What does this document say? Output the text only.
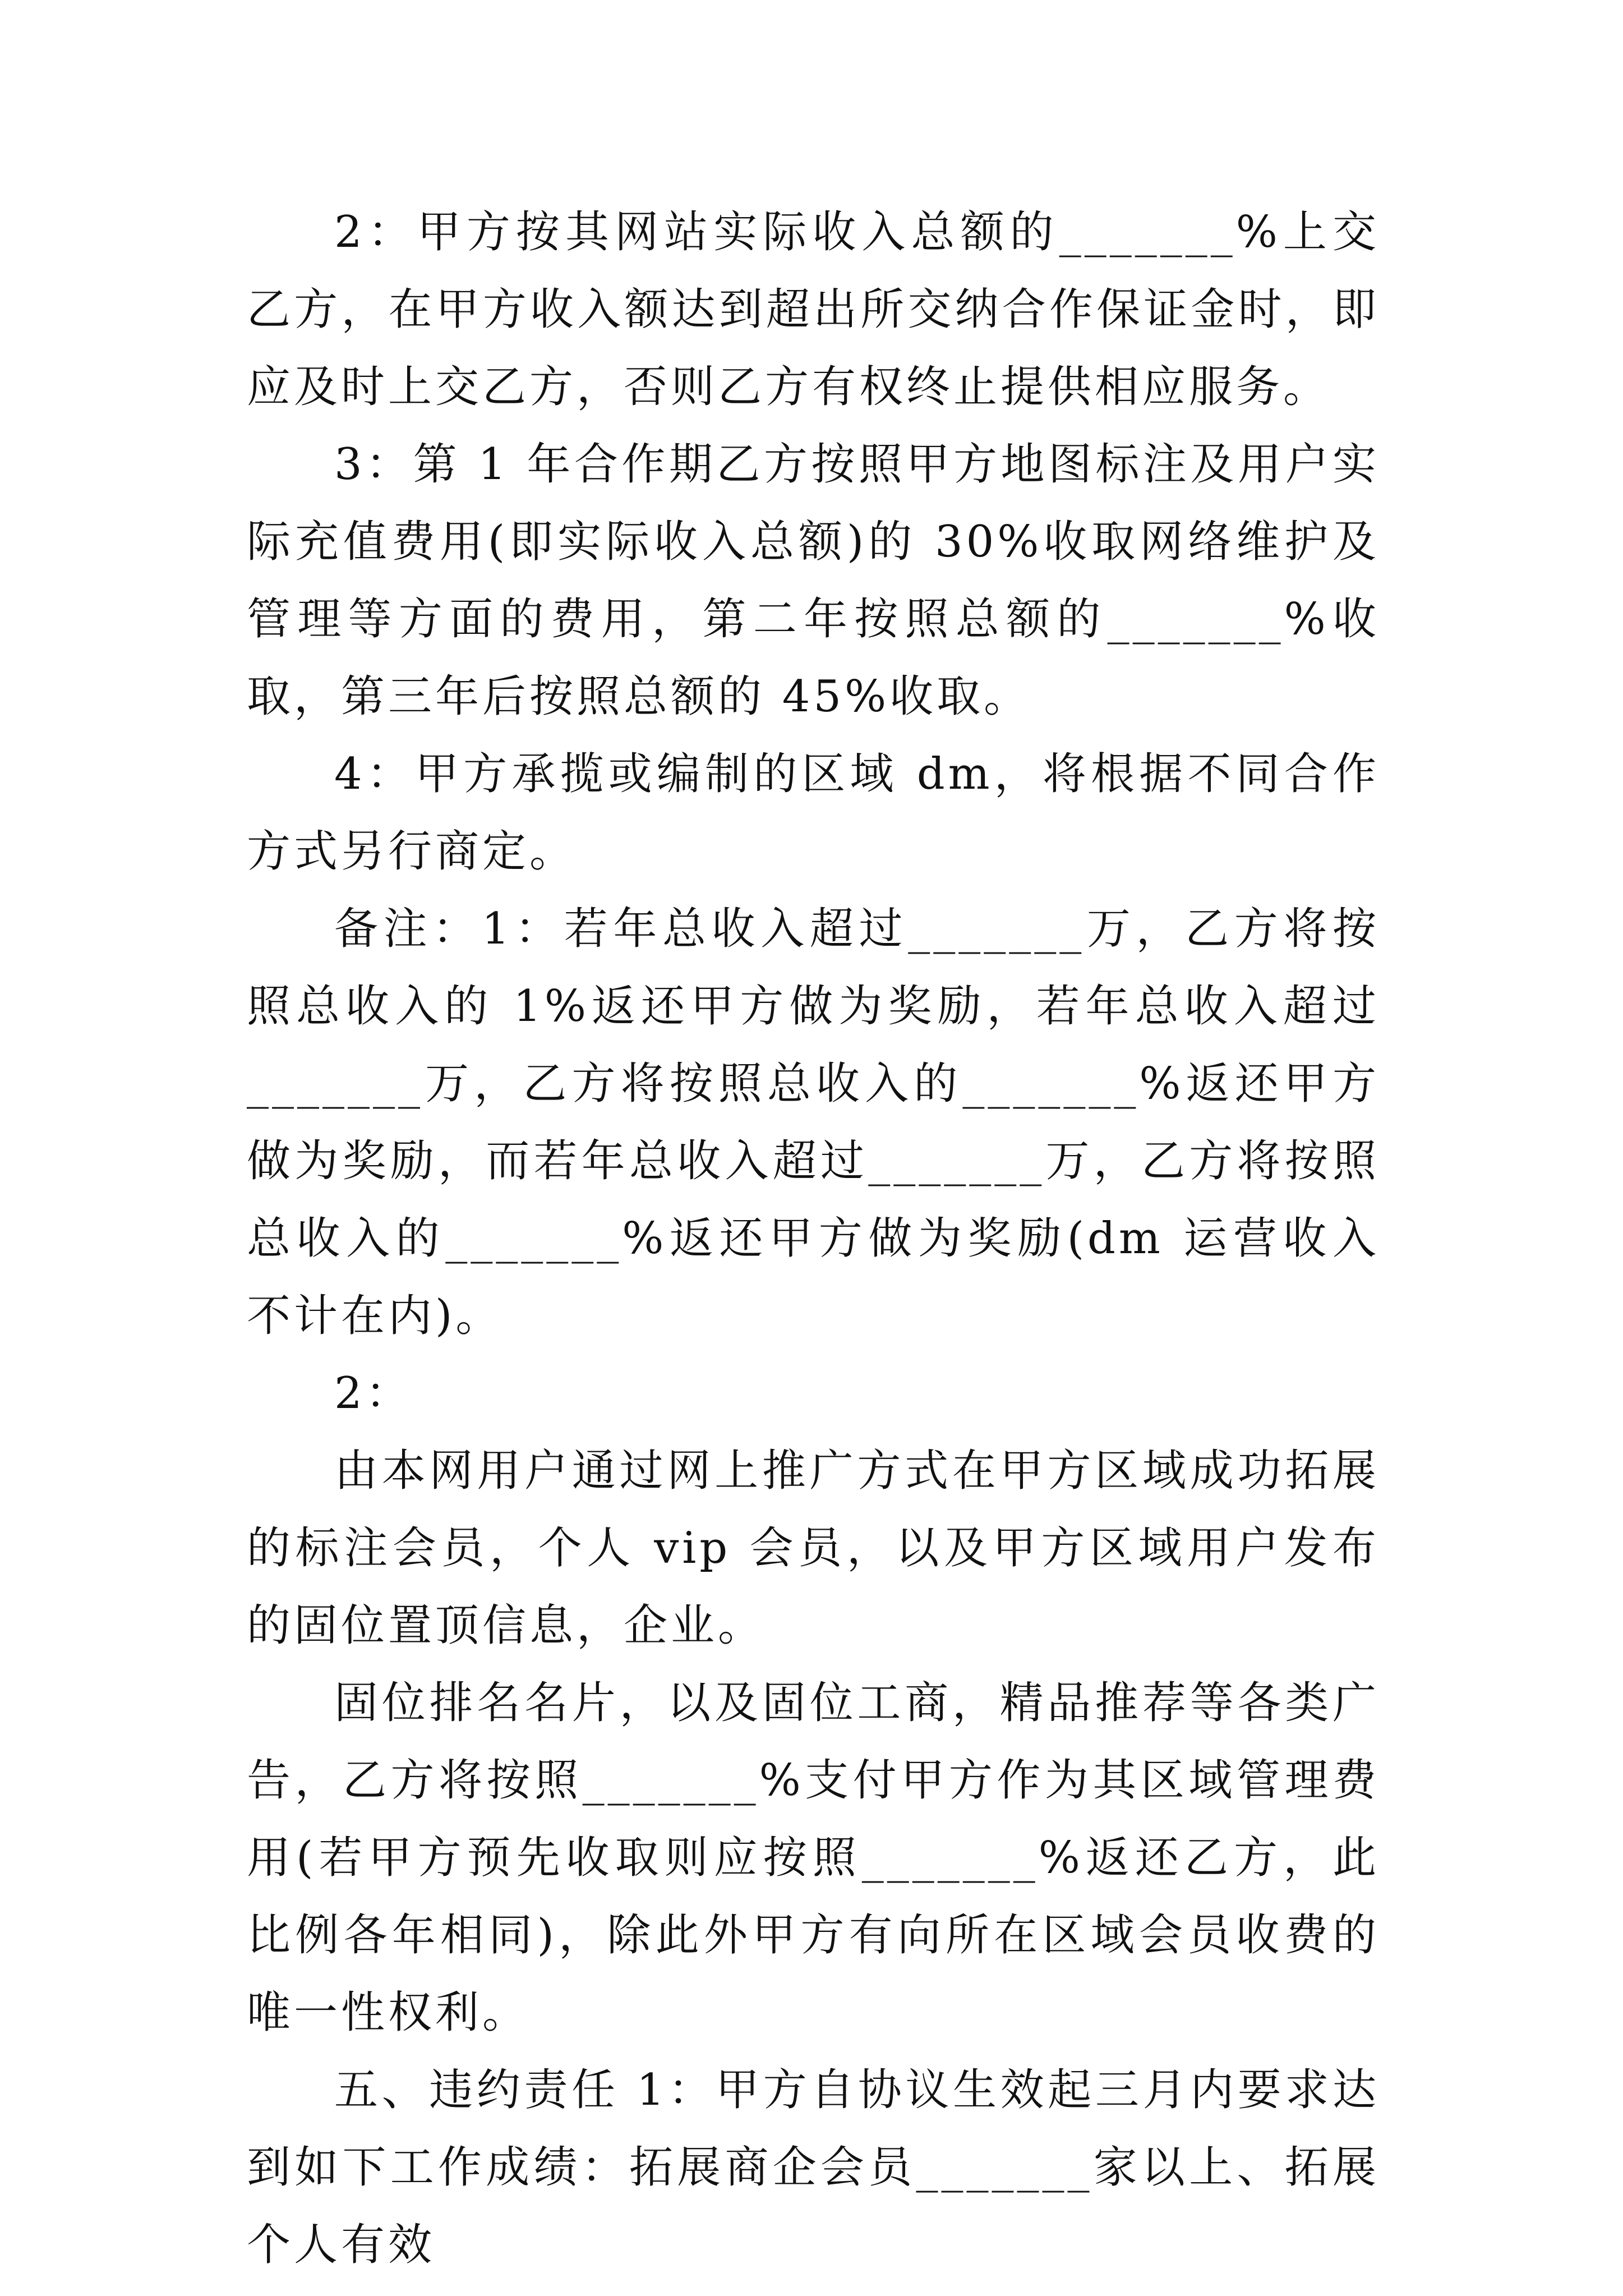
2：甲方按其网站实际收入总额的_______%上交乙方，在甲方收入额达到超出所交纳合作保证金时，即应及时上交乙方，否则乙方有权终止提供相应服务。

3：第 1 年合作期乙方按照甲方地图标注及用户实际充值费用(即实际收入总额)的 30%收取网络维护及管理等方面的费用，第二年按照总额的_______%收取，第三年后按照总额的 45%收取。

4：甲方承揽或编制的区域 dm，将根据不同合作方式另行商定。

备注：1：若年总收入超过_______万，乙方将按照总收入的 1%返还甲方做为奖励，若年总收入超过_______万，乙方将按照总收入的_______%返还甲方做为奖励，而若年总收入超过_______万，乙方将按照总收入的_______%返还甲方做为奖励(dm 运营收入不计在内)。

2：

由本网用户通过网上推广方式在甲方区域成功拓展的标注会员，个人 vip 会员，以及甲方区域用户发布的固位置顶信息，企业。

固位排名名片，以及固位工商，精品推荐等各类广告，乙方将按照_______%支付甲方作为其区域管理费用(若甲方预先收取则应按照_______%返还乙方，此比例各年相同)，除此外甲方有向所在区域会员收费的唯一性权利。

五、违约责任 1：甲方自协议生效起三月内要求达到如下工作成绩：拓展商企会员_______家以上、拓展个人有效
